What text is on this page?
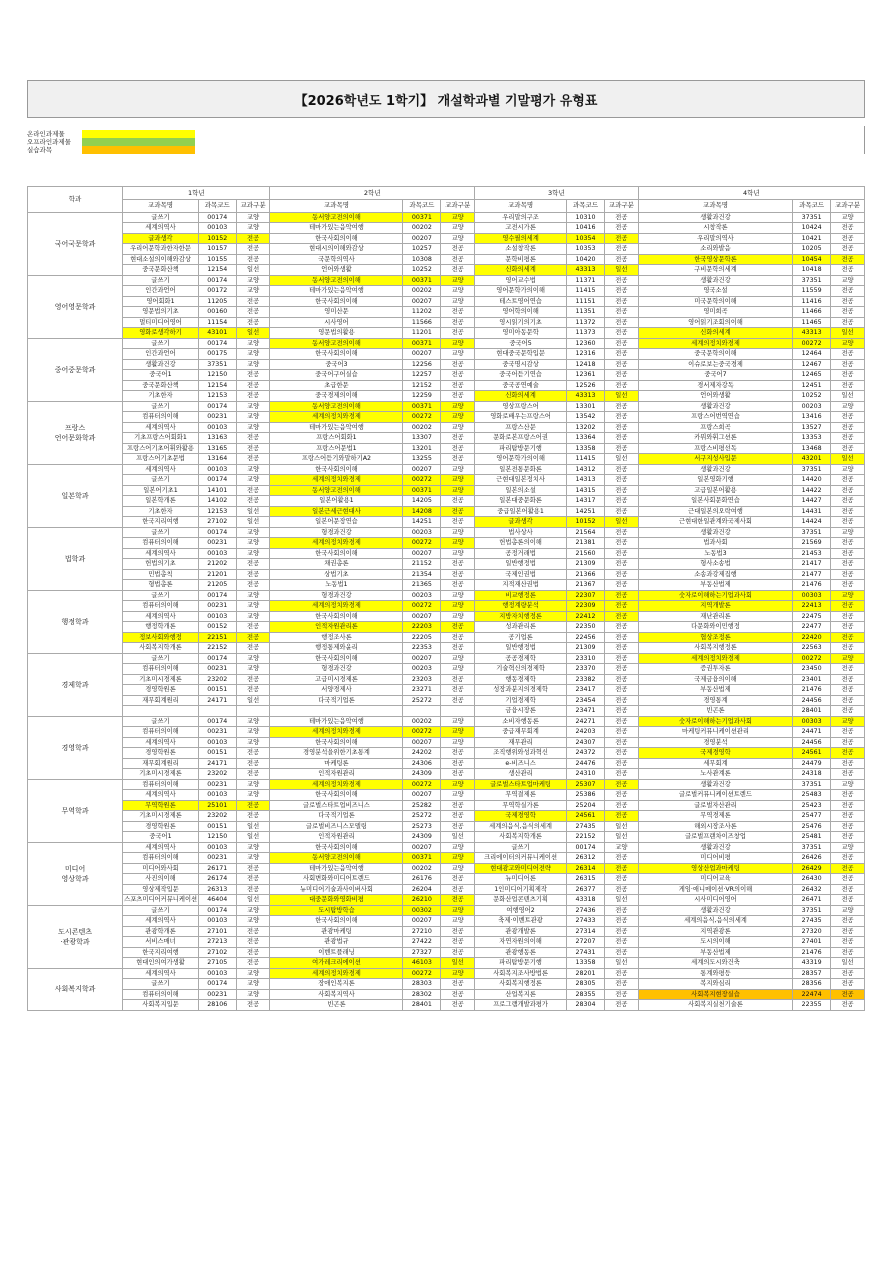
【2026학년도 1학기】 개설학과별 기말평가 유형표
온라인과제물
오프라인과제물
실습과목
학과	1학년			2학년			3학년			4학년		
	교과목명	과목코드	교과구분	교과목명	과목코드	교과구분	교과목명	과목코드	교과구분	교과목명	과목코드	교과구분
국어국문학과	글쓰기	00174	교양	동서양고전의이해	00371	교양	우리말의구조	10310	전공	생활과건강	37351	교양
	세계의역사	00103	교양	테마가있는음악여행	00202	교양	고전시가론	10416	전공	시창작론	10424	전공
	글과생각	10152	전공	한국사회의이해	00207	교양	영수필의세계	10354	전공	우리말의역사	10421	전공
	우리어문학과한자한문	10157	전공	현대시의이해와감상	10257	전공	소설창작론	10353	전공	소리와발음	10205	전공
	현대소설의이해와감상	10155	전공	국문학의역사	10308	전공	문학비평론	10420	전공	한국영상문학론	10454	전공
	중국문화산책	12154	일선	언어와생활	10252	전공	신화의세계	43313	일선	구비문학의세계	10418	전공
영어영문학과	글쓰기	00174	교양	동서양고전의이해	00371	교양	영어교수법	11371	전공	생활과건강	37351	교양
	인간과언어	00172	교양	테마가있는음악여행	00202	교양	영어문학가의이해	11415	전공	영국소설	11559	전공
	영어회화1	11205	전공	한국사회의이해	00207	교양	테스트영어연습	11151	전공	미국문학의이해	11416	전공
	영문법의기초	00160	전공	영미산문	11202	전공	영어학의이해	11351	전공	영미희곡	11466	전공
	멀티미디어영어	11154	전공	시사영어	11566	전공	영시읽기의기초	11372	전공	영어읽기조회의이해	11465	전공
	영화로생각하기	43101	일선	영문법의활용	11201	전공	영미아동문학	11373	전공	신화의세계	43313	일선
중어중문학과	글쓰기	00174	교양	동서양고전의이해	00371	교양	중국어5	12360	전공	세계의정치와경제	00272	교양
	인간과언어	00175	교양	한국사회의이해	00207	교양	현대중국문학입문	12316	전공	중국문학의이해	12464	전공
	생활과건강	37351	교양	중국어3	12256	전공	중국명시감상	12418	전공	이슈로보는중국경제	12467	전공
	중국어1	12150	전공	중국어구어실습	12257	전공	중국어듣기연습	12361	전공	중국어7	12465	전공
	중국문화산책	12154	전공	초급한문	12152	전공	중국공연예술	12526	전공	경서제자강독	12451	전공
	기초한자	12153	전공	중국경제의이해	12259	전공	신화의세계	43313	일선	언어와생활	10252	일선
프랑스
언어문화학과	글쓰기	00174	교양	동서양고전의이해	00371	교양	영상프랑스어	13301	전공	생활과건강	00203	교양
	컴퓨터의이해	00231	교양	세계의정치와경제	00272	교양	영화로배우는프랑스어	13542	전공	프랑스어번역연습	13416	전공
	세계의역사	00103	교양	테마가있는음악여행	00202	교양	프랑스산문	13202	전공	프랑스희곡	13527	전공
	기초프랑스어회화1	13163	전공	프랑스어회화1	13307	전공	문화로본프랑스어권	13364	전공	카뮈와휘그션론	13353	전공
	프랑스어기초어휘와활용	13165	전공	프랑스어문법1	13201	전공	파리탐방문기행	13358	전공	프랑스비평선독	13468	전공
	프랑스어기초문법	13164	전공	프랑스어듣기와말하기A2	13255	전공	영어문학가의이해	11415	일선	서구지성사입문	43201	일선
일본학과	세계의역사	00103	교양	한국사회의이해	00207	교양	일본전통문화론	14312	전공	생활과건강	37351	교양
	글쓰기	00174	교양	세계의정치와경제	00272	교양	근현대일본정치사	14313	전공	일본영화기행	14420	전공
	일본어기초1	14101	전공	동서양고전의이해	00371	교양	일본의소설	14315	전공	고급일본어활용	14422	전공
	일본학개론	14102	전공	일본어활용1	14205	전공	일본대중문화론	14317	전공	일본사회문화연습	14427	전공
	기초한자	12153	일선	일본근세근현대사	14208	전공	중급일본어활용1	14251	전공	근대일본의오락여행	14431	전공
	한국지리여행	27102	일선	일본어문장연습	14251	전공	글과생각	10152	일선	근현대한일관계와국제사회	14424	전공
법학과	글쓰기	00174	교양	형경과건강	00203	교양	법사상사	21564	전공	생활과건강	37351	교양
	컴퓨터의이해	00231	교양	세계의정치와경제	00272	교양	헌법총론의이해	21381	전공	법과사회	21569	전공
	세계의역사	00103	교양	한국사회의이해	00207	교양	공정거래법	21560	전공	노동법3	21453	전공
	헌법의기초	21202	전공	채권총론	21152	전공	일반행정법	21309	전공	형사소송법	21417	전공
	민법총칙	21201	전공	상법기초	21354	전공	국제인권법	21366	전공	소송과강제집행	21477	전공
	형법총론	21205	전공	노동법1	21365	전공	지적재산권법	21367	전공	부동산법제	21476	전공
행정학과	글쓰기	00174	교양	형경과건강	00203	교양	비교행정론	22307	전공	숫자로이해하는기업과사회	00303	교양
	컴퓨터의이해	00231	교양	세계의정치와경제	00272	교양	행정계량분석	22309	전공	지역개발론	22413	전공
	세계의역사	00103	교양	한국사회의이해	00207	교양	지방자치행정론	22412	전공	재난관리론	22475	전공
	행정학개론	00152	전공	인적자원관리론	22203	전공	성과관리론	22350	전공	다문화와이민행정	22477	전공
	정보사회와행정	22151	전공	행정조사론	22205	전공	공기업론	22456	전공	협상조정론	22420	전공
	사회복지학개론	22152	전공	행정통제와윤리	22353	전공	일반행정법	21309	전공	사회복지행정론	22563	전공
경제학과	글쓰기	00174	교양	한국사회의이해	00207	교양	공공경제학	23310	전공	세계의정치와경제	00272	교양
	컴퓨터의이해	00231	교양	형경과건강	00203	교양	기술혁신의경제학	23370	전공	증권투자론	23450	전공
	기초미시경제론	23202	전공	고급미시경제론	23203	전공	행동경제학	23382	전공	국제금융의이해	23401	전공
	경영학원론	00151	전공	서양경제사	23271	전공	성장과분지의경제학	23417	전공	부동산법제	21476	전공
	재무회계원리	24171	일선	다국적기업론	25272	전공	기업경제학	23454	전공	경영통계	24456	전공
							금융시장론	23471	전공	빈곤론	28401	전공
경영학과	글쓰기	00174	교양	테마가있는음악여행	00202	교양	소비자행동론	24271	전공	숫자로이해하는기업과사회	00303	교양
	컴퓨터의이해	00231	교양	세계의정치와경제	00272	교양	중급재무회계	24203	전공	마케팅커뮤니케이션관리	24471	전공
	세계의역사	00103	교양	한국사회의이해	00207	교양	재무관리	24307	전공	경영분석	24456	전공
	경영학원론	00151	전공	경영분석을위한기초통계	24202	전공	조직행위와성과혁신	24372	전공	국제경영학	24561	전공
	재무회계원리	24171	전공	마케팅론	24306	전공	e-비즈니스	24476	전공	세무회계	24479	전공
	기초미시경제론	23202	전공	인적자원관리	24309	전공	생산관리	24310	전공	노사관계론	24318	전공
무역학과	컴퓨터의이해	00231	교양	세계의정치와경제	00272	교양	글로벌스타트업마케팅	25307	전공	생활과건강	37351	교양
	세계의역사	00103	교양	한국사회의이해	00207	교양	무역결제론	25386	전공	글로벌커뮤니케이션트렌드	25483	전공
	무역학원론	25101	전공	글로벌스타트업비즈니스	25282	전공	무역학실가론	25204	전공	글로벌자산관리	25423	전공
	기초미시경제론	23202	전공	다국적기업론	25272	전공	국제경영학	24561	전공	무역경제론	25477	전공
	경영학원론	00151	일선	글로벌비즈니스모델링	25273	전공	세계의음식,음식의세계	27435	일선	해외시장조사론	25476	전공
	중국어1	12150	일선	인적자원관리	24309	일선	사회복지학개론	22152	일선	글로벌프랜차이즈창업	25481	전공
미디어
영상학과	세계의역사	00103	교양	한국사회의이해	00207	교양	글쓰기	00174	교양	생활과건강	37351	교양
	컴퓨터의이해	00231	교양	동서양고전의이해	00371	교양	크리에이터의커뮤니케이션	26312	전공	미디어비평	26426	전공
	미디어와사회	26171	전공	테마가있는음악여행	00202	교양	현대광고와미디어전략	26314	전공	영상산업과마케팅	26429	전공
	사진의이해	26174	전공	사회변화와미디어트렌드	26176	전공	뉴미디어론	26315	전공	미디어교육	26430	전공
	영상제작입문	26313	전공	뉴미디어기술과사이버사회	26204	전공	1인미디어기획제작	26377	전공	게임·애니메이션·VR의이해	26432	전공
	스포츠미디어커뮤니케이션	46404	일선	대중문화와영화비평	26210	전공	문화산업콘텐츠기획	43318	일선	시사미디어영어	26471	전공
도시콘텐츠
·관광학과	글쓰기	00174	교양	도시탐방학습	00302	교양	여행영어2	27436	전공	생활과건강	37351	교양
	세계의역사	00103	교양	한국사회의이해	00207	교양	축제·이벤트관광	27433	전공	세계의음식,음식의세계	27435	전공
	관광학개론	27101	전공	관광마케팅	27210	전공	관광개발론	27314	전공	지역관광론	27320	전공
	서비스매너	27213	전공	관광법규	27422	전공	자연자원의이해	27207	전공	도시의이해	27401	전공
	한국지리여행	27102	전공	이벤트플래닝	27327	전공	관광행동론	27431	전공	부동산법제	21476	전공
	현대인의여가생활	27105	전공	여가레크리에이션	46103	일선	파리탐방문기행	13358	일선	세계의도시와건축	43319	일선
사회복지학과	세계의역사	00103	교양	세계의정치와경제	00272	교양	사회복지조사방법론	28201	전공	통계와평등	28357	전공
	글쓰기	00174	교양	장애인복지론	28303	전공	사회복지행정론	28305	전공	복지와심리	28356	전공
	컴퓨터의이해	00231	교양	사회복지역사	28302	전공	산업복지론	28355	전공	사회복지현장실습	22474	전공
	사회복지입문	28106	전공	빈곤론	28401	전공	프로그램개발과평가	28304	전공	사회복지실천기술론	22355	전공
